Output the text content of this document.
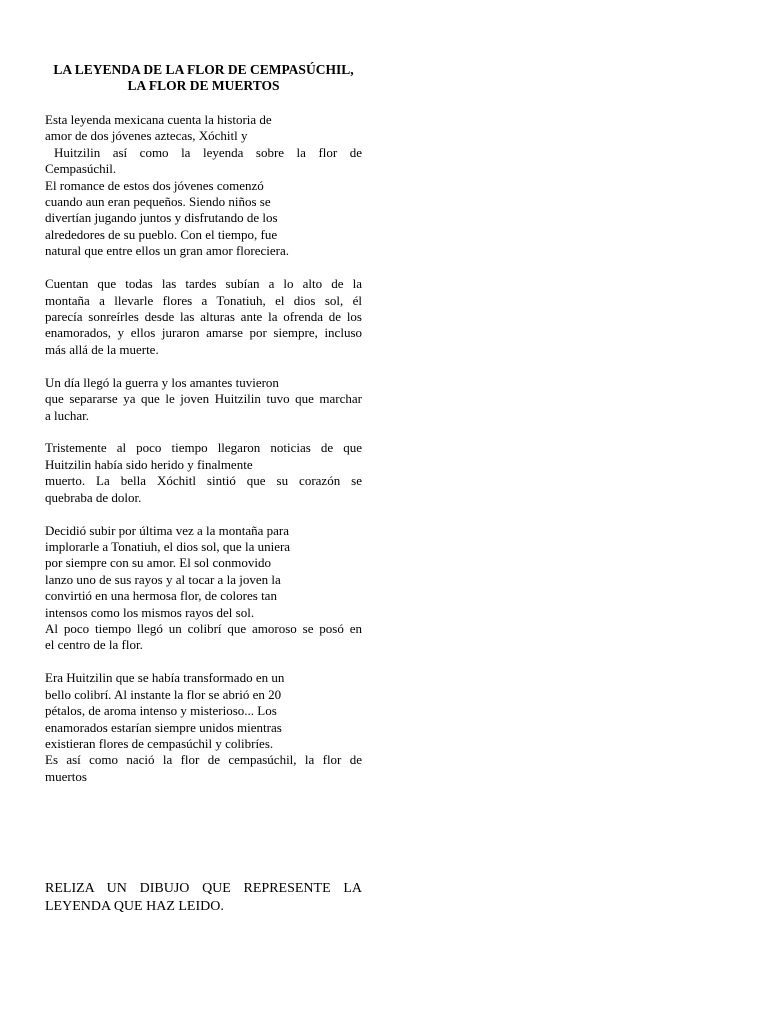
LA LEYENDA DE LA FLOR DE CEMPASÚCHIL,
LA FLOR DE MUERTOS
Esta leyenda mexicana cuenta la historia de
amor de dos jóvenes aztecas, Xóchitl y
Huitzilin así como la leyenda sobre la flor de
Cempasúchil.
El romance de estos dos jóvenes comenzó
cuando aun eran pequeños. Siendo niños se
divertían jugando juntos y disfrutando de los
alrededores de su pueblo. Con el tiempo, fue
natural que entre ellos un gran amor floreciera.
Cuentan que todas las tardes subían a lo alto de la
montaña a llevarle flores a Tonatiuh, el dios sol, él
parecía sonreírles desde las alturas ante la ofrenda de los
enamorados, y ellos juraron amarse por siempre, incluso
más allá de la muerte.
Un día llegó la guerra y los amantes tuvieron
que separarse ya que le joven Huitzilin tuvo que marchar
a luchar.
Tristemente al poco tiempo llegaron noticias de que
Huitzilin había sido herido y finalmente
muerto. La bella Xóchitl sintió que su corazón se
quebraba de dolor.
Decidió subir por última vez a la montaña para
implorarle a Tonatiuh, el dios sol, que la uniera
por siempre con su amor. El sol conmovido
lanzo uno de sus rayos y al tocar a la joven la
convirtió en una hermosa flor, de colores tan
intensos como los mismos rayos del sol.
Al poco tiempo llegó un colibrí que amoroso se posó en
el centro de la flor.
Era Huitzilin que se había transformado en un
bello colibrí. Al instante la flor se abrió en 20
pétalos, de aroma intenso y misterioso... Los
enamorados estarían siempre unidos mientras
existieran flores de cempasúchil y colibríes.
Es así como nació la flor de cempasúchil, la flor de
muertos
RELIZA UN DIBUJO QUE REPRESENTE LA
LEYENDA QUE HAZ LEIDO.
